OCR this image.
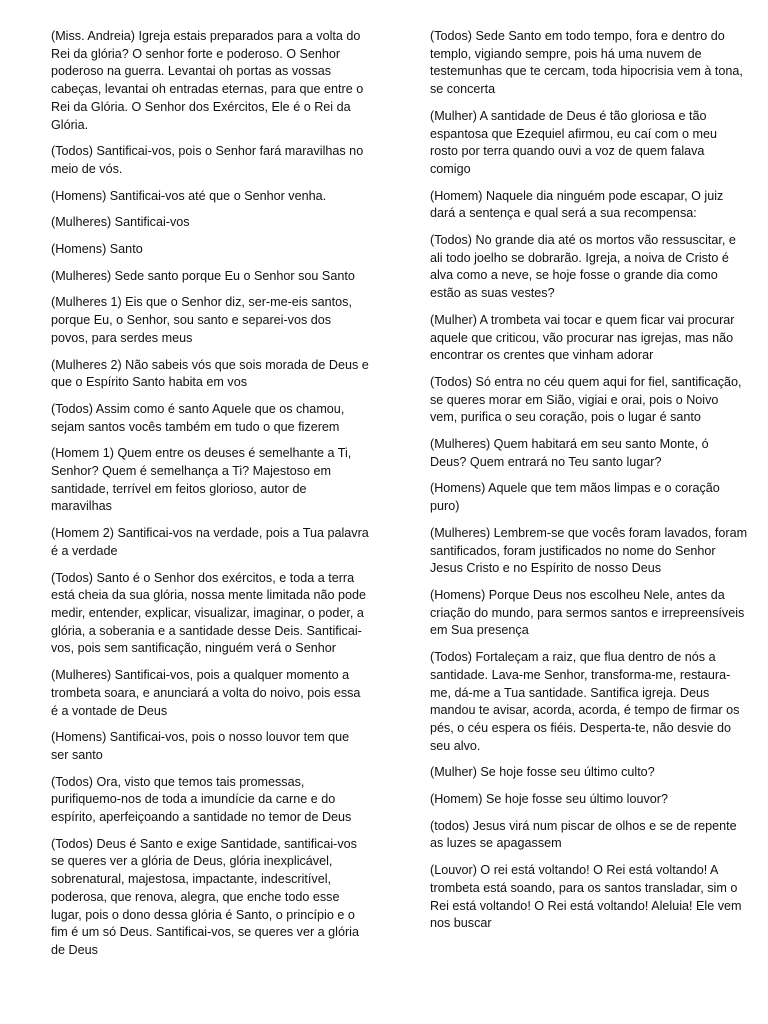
(Miss. Andreia) Igreja estais preparados para a volta do Rei da glória? O senhor forte e poderoso. O Senhor poderoso na guerra. Levantai oh portas as vossas cabeças, levantai oh entradas eternas, para que entre o Rei da Glória. O Senhor dos Exércitos, Ele é o Rei da Glória.

(Todos) Santificai-vos, pois o Senhor fará maravilhas no meio de vós.

(Homens) Santificai-vos até que o Senhor venha.

(Mulheres) Santificai-vos

(Homens) Santo

(Mulheres) Sede santo porque Eu o Senhor sou Santo

(Mulheres 1) Eis que o Senhor diz, ser-me-eis santos, porque Eu, o Senhor, sou santo e separei-vos dos povos, para serdes meus

(Mulheres 2) Não sabeis vós que sois morada de Deus e que o Espírito Santo habita em vos

(Todos) Assim como é santo Aquele que os chamou, sejam santos vocês também em tudo o que fizerem

(Homem 1) Quem entre os deuses é semelhante a Ti, Senhor? Quem é semelhança a Ti? Majestoso em santidade, terrível em feitos glorioso, autor de maravilhas

(Homem 2) Santificai-vos na verdade, pois a Tua palavra é a verdade

(Todos) Santo é o Senhor dos exércitos, e toda a terra está cheia da sua glória, nossa mente limitada não pode medir, entender, explicar, visualizar, imaginar, o poder, a glória, a soberania e a santidade desse Deis. Santificai-vos, pois sem santificação, ninguém verá o Senhor

(Mulheres) Santificai-vos, pois a qualquer momento a trombeta soara, e anunciará a volta do noivo, pois essa é a vontade de Deus

(Homens) Santificai-vos, pois o nosso louvor tem que ser santo

(Todos) Ora, visto que temos tais promessas, purifiquemo-nos de toda a imundície da carne e do espírito, aperfeiçoando a santidade no temor de Deus

(Todos) Deus é Santo e exige Santidade, santificai-vos se queres ver a glória de Deus, glória inexplicável, sobrenatural, majestosa, impactante, indescritível, poderosa, que renova, alegra, que enche todo esse lugar, pois o dono dessa glória é Santo, o princípio e o fim é um só Deus. Santificai-vos, se queres ver a glória de Deus

(Todos) Sede Santo em todo tempo, fora e dentro do templo, vigiando sempre, pois há uma nuvem de testemunhas que te cercam, toda hipocrisia vem à tona, se concerta

(Mulher) A santidade de Deus é tão gloriosa e tão espantosa que Ezequiel afirmou, eu caí com o meu rosto por terra quando ouvi a voz de quem falava comigo

(Homem) Naquele dia ninguém pode escapar, O juiz dará a sentença e qual será a sua recompensa:

(Todos) No grande dia até os mortos vão ressuscitar, e ali todo joelho se dobrarão. Igreja, a noiva de Cristo é alva como a neve, se hoje fosse o grande dia como estão as suas vestes?

(Mulher) A trombeta vai tocar e quem ficar vai procurar aquele que criticou, vão procurar nas igrejas, mas não encontrar os crentes que vinham adorar

(Todos) Só entra no céu quem aqui for fiel, santificação, se queres morar em Sião, vigiai e orai, pois o Noivo vem, purifica o seu coração, pois o lugar é santo

(Mulheres) Quem habitará em seu santo Monte, ó Deus? Quem entrará no Teu santo lugar?

(Homens) Aquele que tem mãos limpas e o coração puro)

(Mulheres) Lembrem-se que vocês foram lavados, foram santificados, foram justificados no nome do Senhor Jesus Cristo e no Espírito de nosso Deus

(Homens) Porque Deus nos escolheu Nele, antes da criação do mundo, para sermos santos e irrepreensíveis em Sua presença

(Todos) Fortaleçam a raiz, que flua dentro de nós a santidade. Lava-me Senhor, transforma-me, restaura-me, dá-me a Tua santidade. Santifica igreja. Deus mandou te avisar, acorda, acorda, é tempo de firmar os pés, o céu espera os fiéis. Desperta-te, não desvie do seu alvo.

(Mulher) Se hoje fosse seu último culto?

(Homem) Se hoje fosse seu último louvor?

(todos) Jesus virá num piscar de olhos e se de repente as luzes se apagassem

(Louvor) O rei está voltando! O Rei está voltando! A trombeta está soando, para os santos transladar, sim o Rei está voltando! O Rei está voltando! Aleluia! Ele vem nos buscar
